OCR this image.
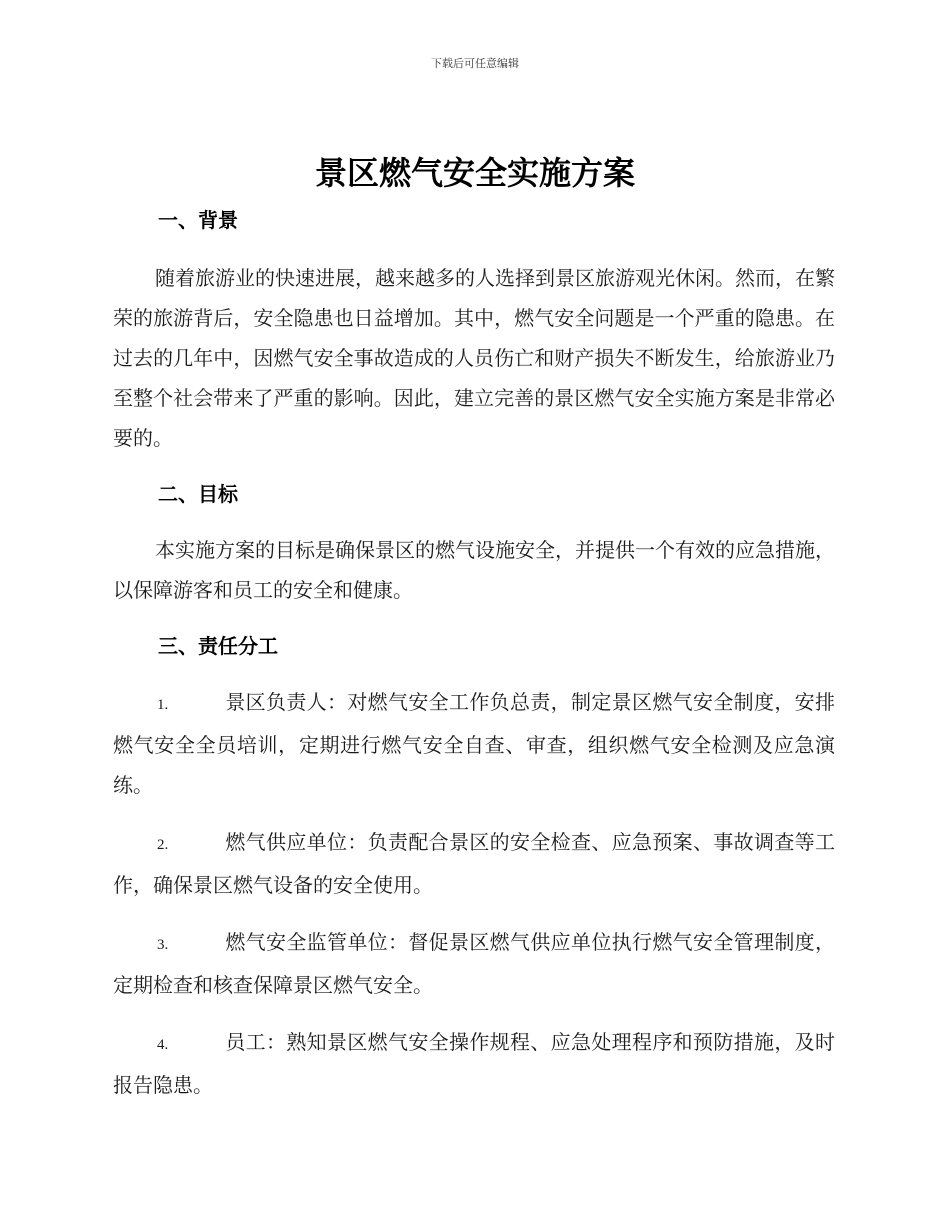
下载后可任意编辑
景区燃气安全实施方案
一、背景

随着旅游业的快速进展，越来越多的人选择到景区旅游观光休闲。然而，在繁荣的旅游背后，安全隐患也日益增加。其中，燃气安全问题是一个严重的隐患。在过去的几年中，因燃气安全事故造成的人员伤亡和财产损失不断发生，给旅游业乃至整个社会带来了严重的影响。因此，建立完善的景区燃气安全实施方案是非常必要的。

二、目标

本实施方案的目标是确保景区的燃气设施安全，并提供一个有效的应急措施，以保障游客和员工的安全和健康。

三、责任分工

1.	景区负责人：对燃气安全工作负总责，制定景区燃气安全制度，安排燃气安全全员培训，定期进行燃气安全自查、审查，组织燃气安全检测及应急演练。

2.	燃气供应单位：负责配合景区的安全检查、应急预案、事故调查等工作，确保景区燃气设备的安全使用。

3.	燃气安全监管单位：督促景区燃气供应单位执行燃气安全管理制度，定期检查和核查保障景区燃气安全。

4.	员工：熟知景区燃气安全操作规程、应急处理程序和预防措施，及时报告隐患。
